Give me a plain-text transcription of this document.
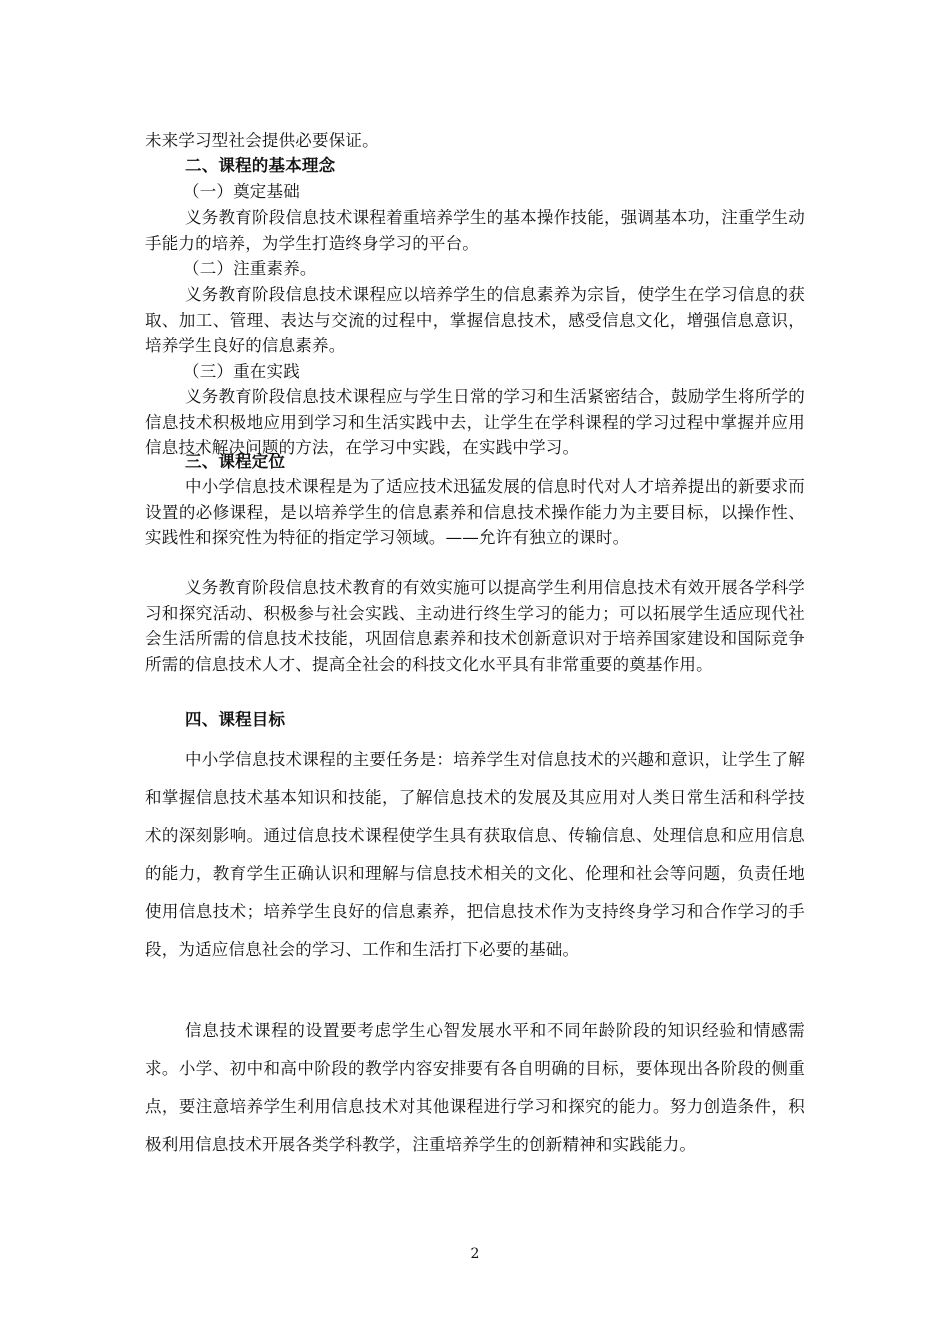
未来学习型社会提供必要保证。

二、课程的基本理念

（一）奠定基础

义务教育阶段信息技术课程着重培养学生的基本操作技能，强调基本功，注重学生动手能力的培养，为学生打造终身学习的平台。

（二）注重素养。

义务教育阶段信息技术课程应以培养学生的信息素养为宗旨，使学生在学习信息的获取、加工、管理、表达与交流的过程中，掌握信息技术，感受信息文化，增强信息意识，培养学生良好的信息素养。

（三）重在实践

义务教育阶段信息技术课程应与学生日常的学习和生活紧密结合，鼓励学生将所学的信息技术积极地应用到学习和生活实践中去，让学生在学科课程的学习过程中掌握并应用信息技术解决问题的方法，在学习中实践，在实践中学习。

三、课程定位

中小学信息技术课程是为了适应技术迅猛发展的信息时代对人才培养提出的新要求而设置的必修课程，是以培养学生的信息素养和信息技术操作能力为主要目标，以操作性、实践性和探究性为特征的指定学习领域。——允许有独立的课时。

义务教育阶段信息技术教育的有效实施可以提高学生利用信息技术有效开展各学科学习和探究活动、积极参与社会实践、主动进行终生学习的能力；可以拓展学生适应现代社会生活所需的信息技术技能，巩固信息素养和技术创新意识对于培养国家建设和国际竞争所需的信息技术人才、提高全社会的科技文化水平具有非常重要的奠基作用。

四、课程目标

中小学信息技术课程的主要任务是：培养学生对信息技术的兴趣和意识，让学生了解和掌握信息技术基本知识和技能，了解信息技术的发展及其应用对人类日常生活和科学技术的深刻影响。通过信息技术课程使学生具有获取信息、传输信息、处理信息和应用信息的能力，教育学生正确认识和理解与信息技术相关的文化、伦理和社会等问题，负责任地使用信息技术；培养学生良好的信息素养，把信息技术作为支持终身学习和合作学习的手段，为适应信息社会的学习、工作和生活打下必要的基础。

信息技术课程的设置要考虑学生心智发展水平和不同年龄阶段的知识经验和情感需求。小学、初中和高中阶段的教学内容安排要有各自明确的目标，要体现出各阶段的侧重点，要注意培养学生利用信息技术对其他课程进行学习和探究的能力。努力创造条件，积极利用信息技术开展各类学科教学，注重培养学生的创新精神和实践能力。

2
